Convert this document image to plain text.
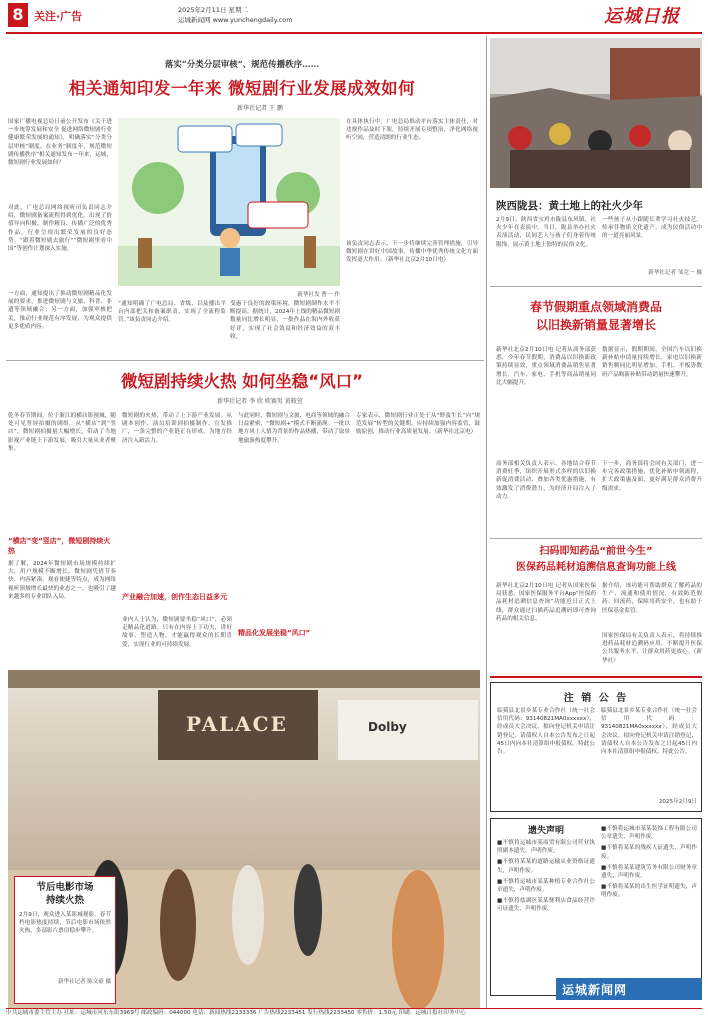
8 关注·广告	2025年2月11日 星期二
运城新闻网 www.yunchengdaily.com	运城日报
落实“分类分层审核”、规范传播秩序……
相关通知印发一年来 微短剧行业发展成效如何
新华社记者 王 鹏
国家广播电视总局日前公开发布《关于进一步统筹发展和安全 促进网络微短剧行业健康繁荣发展的通知》，明确落实“分类分层审核”制度。在业务“制度年，规范微短剧传播秩序”相关通知发布一年来，运城，微短剧行业发展如何？
对此，广电总局网络视听司负责同志介绍，微短剧备案流程得到优化，出现了价值导向积极、制作精良、传播广泛的优秀作品，行业呈现出繁荣发展的良好态势。“跟着微短剧去旅行”“微短剧里看中国”等创作计划深入实施。
一方面，通知提出了推动微短剧精品化发展的要求，推进微短剧与文旅、科普、非遗等领域融合；另一方面，加强审核把关，推动行业规范有序发展，为观众提供更多优质内容。
新华社发 曹一 作
“通知明确了广电总局、省级、以及播出平台内部把关和备案职责，实现了全流程监管。”该负责同志介绍。
受惠于良好的政策环境，微短剧制作水平不断提高。据统计，2024年上线的精品微短剧数量同比增长明显，一批作品在海内外收获好评，实现了社会效益和经济效益的双丰收。
在具体执行中，广电总局推动平台落实主体责任，对违规作品及时下架，持续开展专项整治，净化网络视听空间，营造清朗的行业生态。
该负责同志表示，下一步将继续完善管理措施，引导微短剧在讲好中国故事、传播中华优秀传统文化方面发挥更大作用。（新华社北京2月10日电）
微短剧持续火热 如何坐稳“风口”
新华社记者 李 欣 欧赛男 黄筱萱
乾冬春节期间，位于浙江的横店影视城，随处可见竖屏拍摄的剧组。从“横店”到“竖店”，微短剧拍摄量大幅增长，带动了当地影视产业链上下游发展，吸引大量从业者聚集。
“横店”变“竖店”，微短剧持续火热
据了解，2024年微短剧市场规模持续扩大，用户规模不断增长。微短剧凭借节奏快、内容紧凑、观看便捷等特点，成为网络视听领域增长最快的业态之一，也吸引了越来越多的专业团队入局。
微短剧的火热，带动了上下游产业发展。从剧本创作、演员培训到拍摄制作、宣发推广，一条完整的产业链正在形成，为地方经济注入新活力。
产业融合加速，创作生态日益多元
业内人士认为，微短剧要坐稳“风口”，必须走精品化道路。只有在内容上下功夫，讲好故事、塑造人物，才能赢得观众的长期喜爱，实现行业的可持续发展。
与此同时，微短剧与文旅、电商等领域的融合日益紧密，“微短剧+”模式不断涌现。一批以地方风土人情为背景的作品热播，带动了取景地旅游热度攀升。
精品化发展坐稳“风口”
专家表示，微短剧行业正处于从“野蛮生长”向“规范发展”转型的关键期，应持续加强内容监管，鼓励原创，推动行业高质量发展。（新华社北京电）
PALACE	Dolby
节后电影市场
持续火热
2月9日，观众进入某影城观影。春节档电影热度持续，节后电影市场依然火热，多部影片票房稳步攀升。
新华社记者 陈文豪 摄
陕西陇县：黄土地上的社火少年
2月9日，陕西省宝鸡市陇县东风镇，社火少年在表演中。当日，陇县举办社火表演活动，民间艺人与孩子们身着传统服饰，展示黄土地上独特的民俗文化。
一些孩子从小跟随长辈学习社火技艺，传承非物质文化遗产，成为民俗活动中的一道亮丽风景。
新华社记者 邹竞一 摄
春节假期重点领域消费品
以旧换新销量显著增长
新华社北京2月10日电 记者从商务部获悉，今年春节假期，消费品以旧换新政策持续显效，重点领域消费品销售显著增长，汽车、家电、手机等商品销量同比大幅提升。
商务部相关负责人表示，各地结合春节消费旺季，组织开展形式多样的以旧换新促消费活动，叠加各类优惠措施，有效激发了消费潜力，为经济开局注入了动力。
数据显示，假期期间，全国汽车以旧换新补贴申请量持续增长，家电以旧换新销售额同比明显增加，手机、平板等数码产品购新补贴带动销量快速攀升。
下一步，商务部将会同有关部门，进一步完善政策措施，优化补贴申领流程，扩大政策惠及面，更好满足群众消费升级需求。
扫码即知药品“前世今生”
医保药品耗材追溯信息查询功能上线
新华社北京2月10日电 记者从国家医保局获悉，国家医保服务平台App“医保药品耗材追溯信息查询”功能近日正式上线，群众通过扫描药品追溯码即可查询药品的相关信息。
据介绍，该功能可帮助群众了解药品的生产、流通和使用情况，有效防范假药、回流药，保障用药安全，也有助于医保基金监管。
国家医保局有关负责人表示，将持续推进药品耗材追溯码应用，不断提升医保公共服务水平，让群众用药更放心。（新华社）
注 销 公 告
临猗县北景乡某专业合作社（统一社会信用代码：93140821MA0xxxxxx），经成员大会决议，拟向登记机关申请注销登记，请债权人自本公告发布之日起45日内向本社清算组申报债权。特此公告。
临猗县北景乡某专业合作社（统一社会信用代码：93140821MA0xxxxxx），经成员大会决议，拟向登记机关申请注销登记，请债权人自本公告发布之日起45日内向本社清算组申报债权。特此公告。
2025年2月9日
遗失声明
■不慎将运城市某商贸有限公司营业执照副本遗失，声明作废。
■不慎将某某的道路运输从业资格证遗失，声明作废。
■不慎将运城市某某种植专业合作社公章遗失，声明作废。
■不慎将盐湖区某某便利店食品经营许可证遗失，声明作废。
■不慎将运城市某某装饰工程有限公司公章遗失，声明作废。
■不慎将某某的残疾人证遗失，声明作废。
■不慎将某某建筑劳务有限公司财务章遗失，声明作废。
■不慎将某某的出生医学证明遗失，声明作废。
运城新闻网
中共运城市委主管主办 社址：运城市河东东街3969号 邮政编码：044000 电话：新闻热线2233336 广告热线2233451 发行热线2233450 零售价：1.50元 印刷：运城日报社印务中心
